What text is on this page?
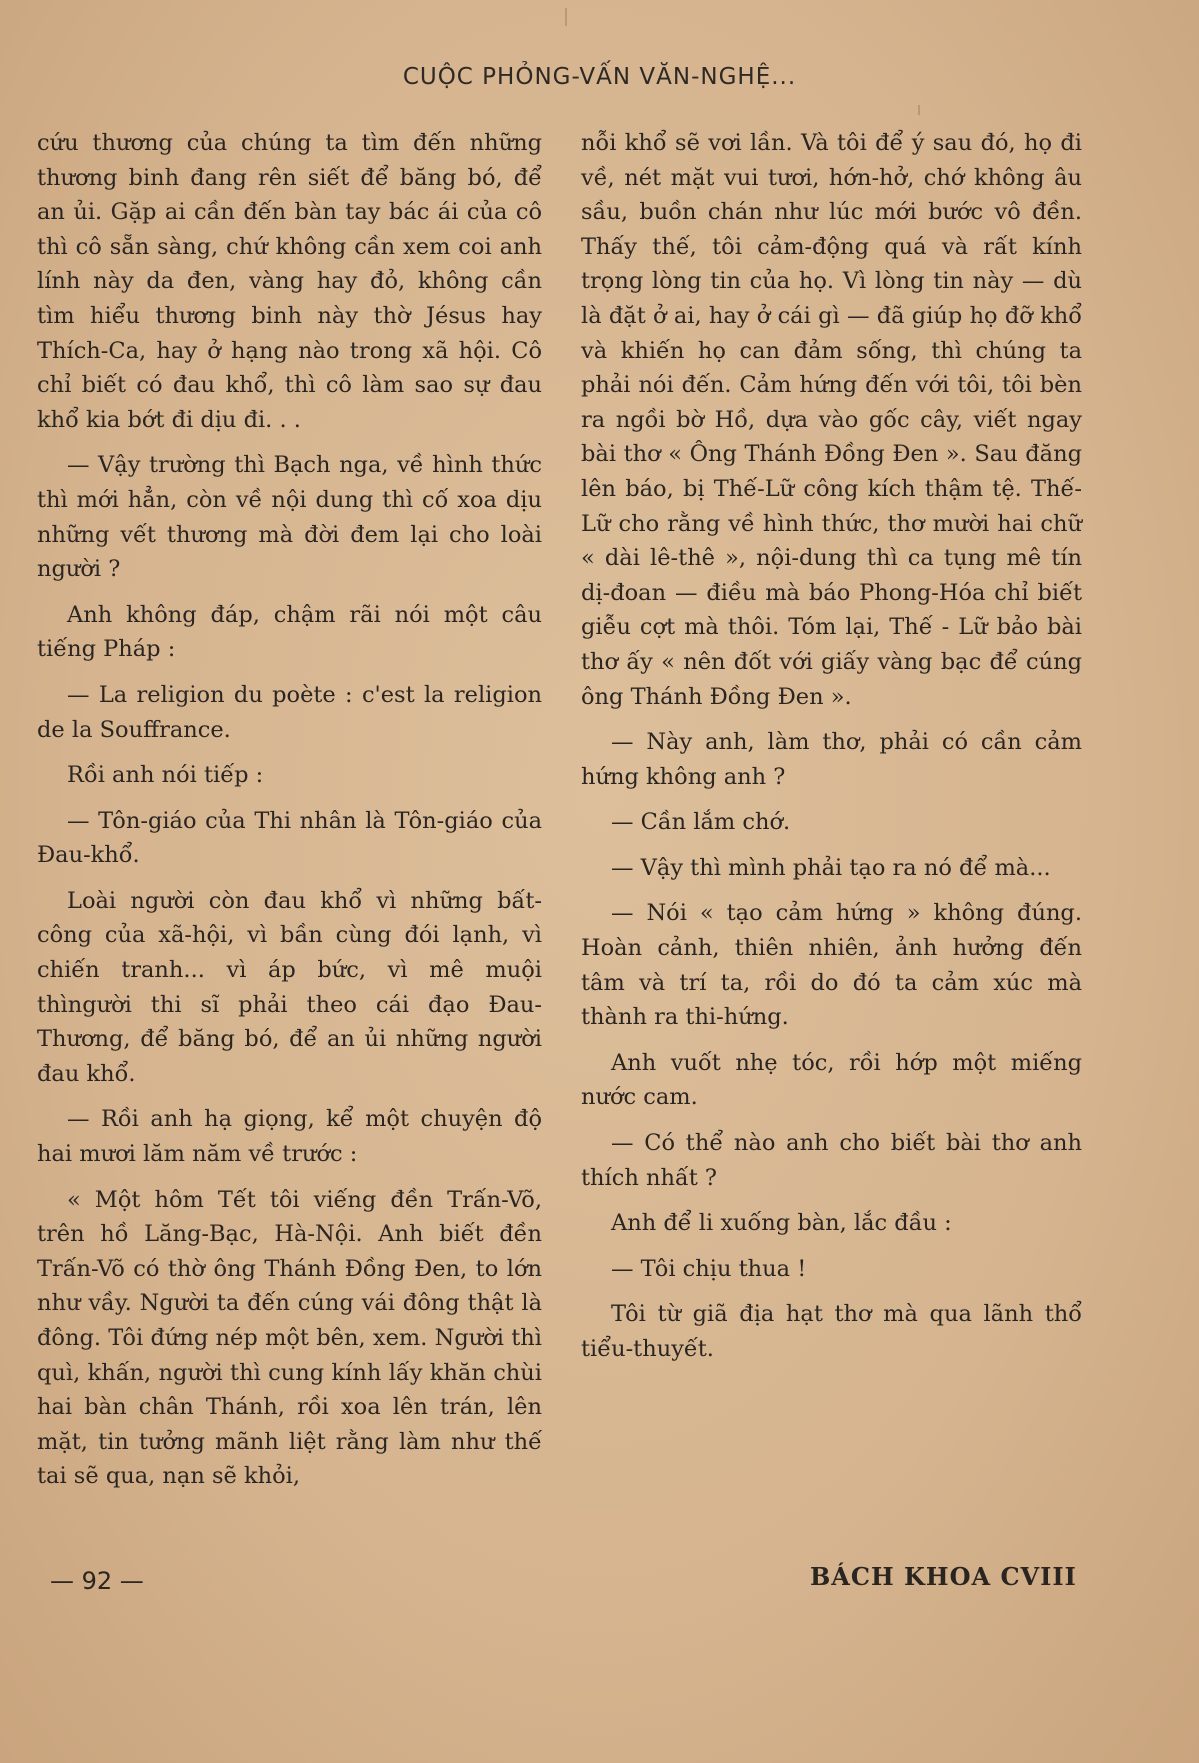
CUỘC PHỎNG-VẤN VĂN-NGHỆ...

cứu thương của chúng ta tìm đến những thương binh đang rên siết để băng bó, để an ủi. Gặp ai cần đến bàn tay bác ái của cô thì cô sẵn sàng, chứ không cần xem coi anh lính này da đen, vàng hay đỏ, không cần tìm hiểu thương binh này thờ Jésus hay Thích-Ca, hay ở hạng nào trong xã hội. Cô chỉ biết có đau khổ, thì cô làm sao sự đau khổ kia bớt đi dịu đi. . .

— Vậy trường thì Bạch nga, về hình thức thì mới hẳn, còn về nội dung thì cố xoa dịu những vết thương mà đời đem lại cho loài người ?

Anh không đáp, chậm rãi nói một câu tiếng Pháp :

— La religion du poète : c'est la religion de la Souffrance.

Rồi anh nói tiếp :

— Tôn-giáo của Thi nhân là Tôn-giáo của Đau-khổ.

Loài người còn đau khổ vì những bất-công của xã-hội, vì bần cùng đói lạnh, vì chiến tranh... vì áp bức, vì mê muội thìngười thi sĩ phải theo cái đạo Đau-Thương, để băng bó, để an ủi những người đau khổ.

— Rồi anh hạ giọng, kể một chuyện độ hai mươi lăm năm về trước :

« Một hôm Tết tôi viếng đền Trấn-Võ, trên hồ Lăng-Bạc, Hà-Nội. Anh biết đền Trấn-Võ có thờ ông Thánh Đồng Đen, to lớn như vầy. Người ta đến cúng vái đông thật là đông. Tôi đứng nép một bên, xem. Người thì quì, khấn, người thì cung kính lấy khăn chùi hai bàn chân Thánh, rồi xoa lên trán, lên mặt, tin tưởng mãnh liệt rằng làm như thế tai sẽ qua, nạn sẽ khỏi,

nỗi khổ sẽ vơi lần. Và tôi để ý sau đó, họ đi về, nét mặt vui tươi, hớn-hở, chớ không âu sầu, buồn chán như lúc mới bước vô đền. Thấy thế, tôi cảm-động quá và rất kính trọng lòng tin của họ. Vì lòng tin này — dù là đặt ở ai, hay ở cái gì — đã giúp họ đỡ khổ và khiến họ can đảm sống, thì chúng ta phải nói đến. Cảm hứng đến với tôi, tôi bèn ra ngồi bờ Hồ, dựa vào gốc cây, viết ngay bài thơ « Ông Thánh Đồng Đen ». Sau đăng lên báo, bị Thế-Lữ công kích thậm tệ. Thế-Lữ cho rằng về hình thức, thơ mười hai chữ « dài lê-thê », nội-dung thì ca tụng mê tín dị-đoan — điều mà báo Phong-Hóa chỉ biết giễu cợt mà thôi. Tóm lại, Thế - Lữ bảo bài thơ ấy « nên đốt với giấy vàng bạc để cúng ông Thánh Đồng Đen ».

— Này anh, làm thơ, phải có cần cảm hứng không anh ?

— Cần lắm chớ.

— Vậy thì mình phải tạo ra nó để mà...

— Nói « tạo cảm hứng » không đúng. Hoàn cảnh, thiên nhiên, ảnh hưởng đến tâm và trí ta, rồi do đó ta cảm xúc mà thành ra thi-hứng.

Anh vuốt nhẹ tóc, rồi hớp một miếng nước cam.

— Có thể nào anh cho biết bài thơ anh thích nhất ?

Anh để li xuống bàn, lắc đầu :

— Tôi chịu thua !

Tôi từ giã địa hạt thơ mà qua lãnh thổ tiểu-thuyết.

— 92 —	BÁCH KHOA CVIII
